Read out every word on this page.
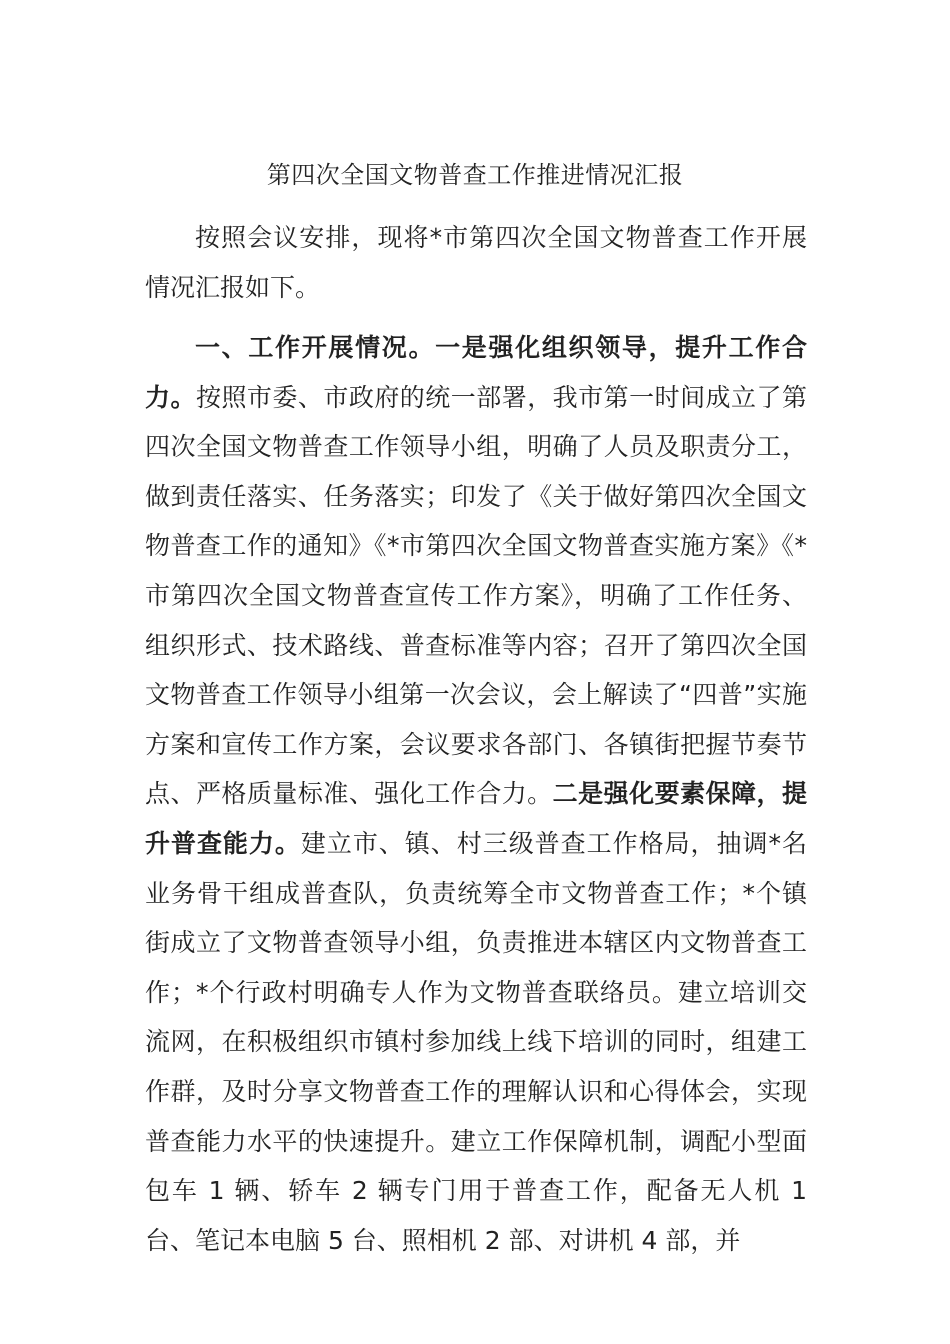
第四次全国文物普查工作推进情况汇报

按照会议安排，现将*市第四次全国文物普查工作开展情况汇报如下。

一、工作开展情况。一是强化组织领导，提升工作合力。按照市委、市政府的统一部署，我市第一时间成立了第四次全国文物普查工作领导小组，明确了人员及职责分工，做到责任落实、任务落实；印发了《关于做好第四次全国文物普查工作的通知》《*市第四次全国文物普查实施方案》《*市第四次全国文物普查宣传工作方案》，明确了工作任务、组织形式、技术路线、普查标准等内容；召开了第四次全国文物普查工作领导小组第一次会议，会上解读了“四普”实施方案和宣传工作方案，会议要求各部门、各镇街把握节奏节点、严格质量标准、强化工作合力。二是强化要素保障，提升普查能力。建立市、镇、村三级普查工作格局，抽调*名业务骨干组成普查队，负责统筹全市文物普查工作；*个镇街成立了文物普查领导小组，负责推进本辖区内文物普查工作；*个行政村明确专人作为文物普查联络员。建立培训交流网，在积极组织市镇村参加线上线下培训的同时，组建工作群，及时分享文物普查工作的理解认识和心得体会，实现普查能力水平的快速提升。建立工作保障机制，调配小型面包车 1 辆、轿车 2 辆专门用于普查工作，配备无人机 1 台、笔记本电脑 5 台、照相机 2 部、对讲机 4 部，并
